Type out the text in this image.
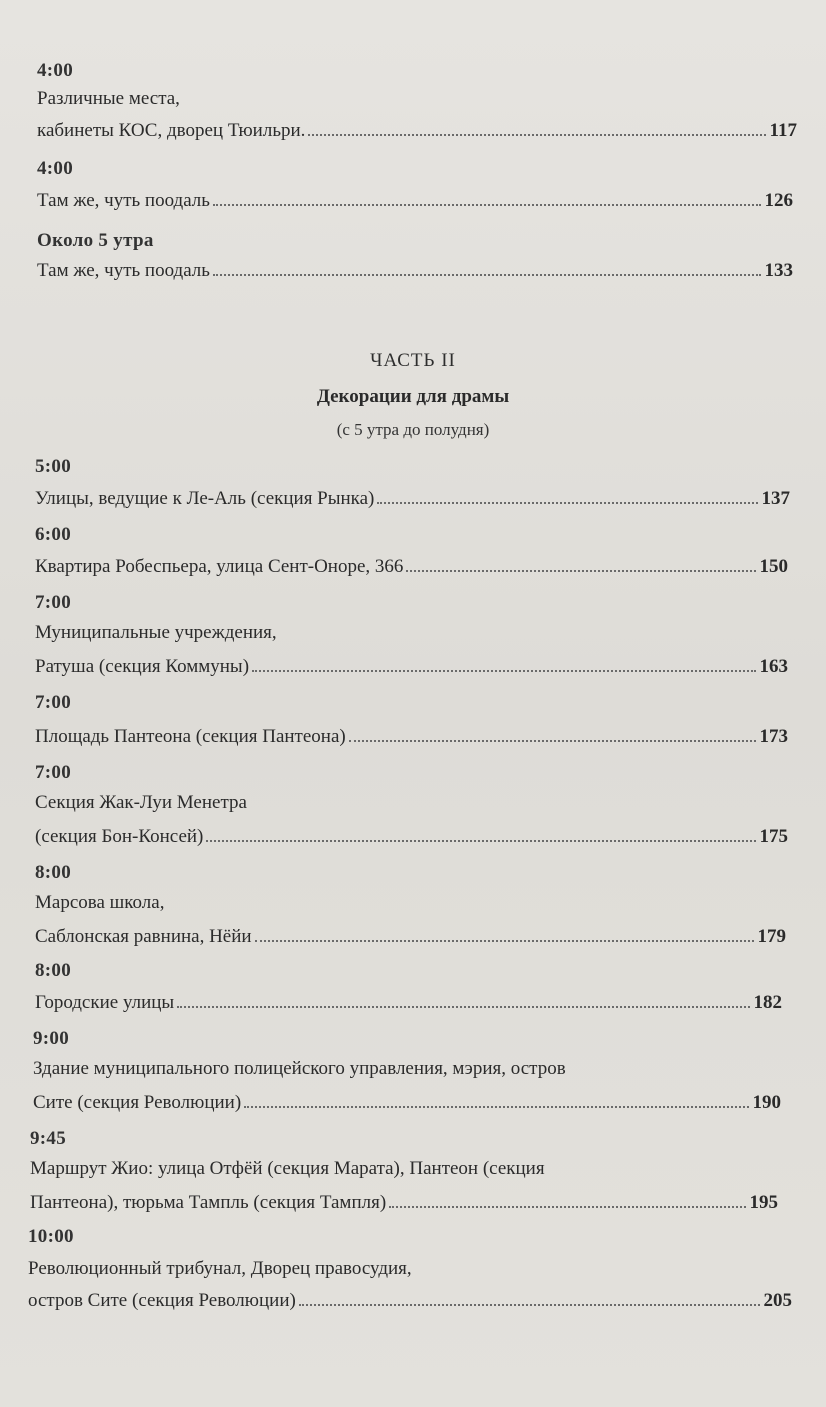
4:00
Различные места,
кабинеты КОС, дворец Тюильри.	117
4:00
Там же, чуть поодаль	126
Около 5 утра
Там же, чуть поодаль	133
ЧАСТЬ II
Декорации для драмы
(с 5 утра до полудня)
5:00
Улицы, ведущие к Ле-Аль (секция Рынка)	137
6:00
Квартира Робеспьера, улица Сент-Оноре, 366	150
7:00
Муниципальные учреждения,
Ратуша (секция Коммуны)	163
7:00
Площадь Пантеона (секция Пантеона)	173
7:00
Секция Жак-Луи Менетра
(секция Бон-Консей)	175
8:00
Марсова школа,
Саблонская равнина, Нёйи	179
8:00
Городские улицы	182
9:00
Здание муниципального полицейского управления, мэрия, остров
Сите (секция Революции)	190
9:45
Маршрут Жио: улица Отфёй (секция Марата), Пантеон (секция
Пантеона), тюрьма Тампль (секция Тампля)	195
10:00
Революционный трибунал, Дворец правосудия,
остров Сите (секция Революции)	205
